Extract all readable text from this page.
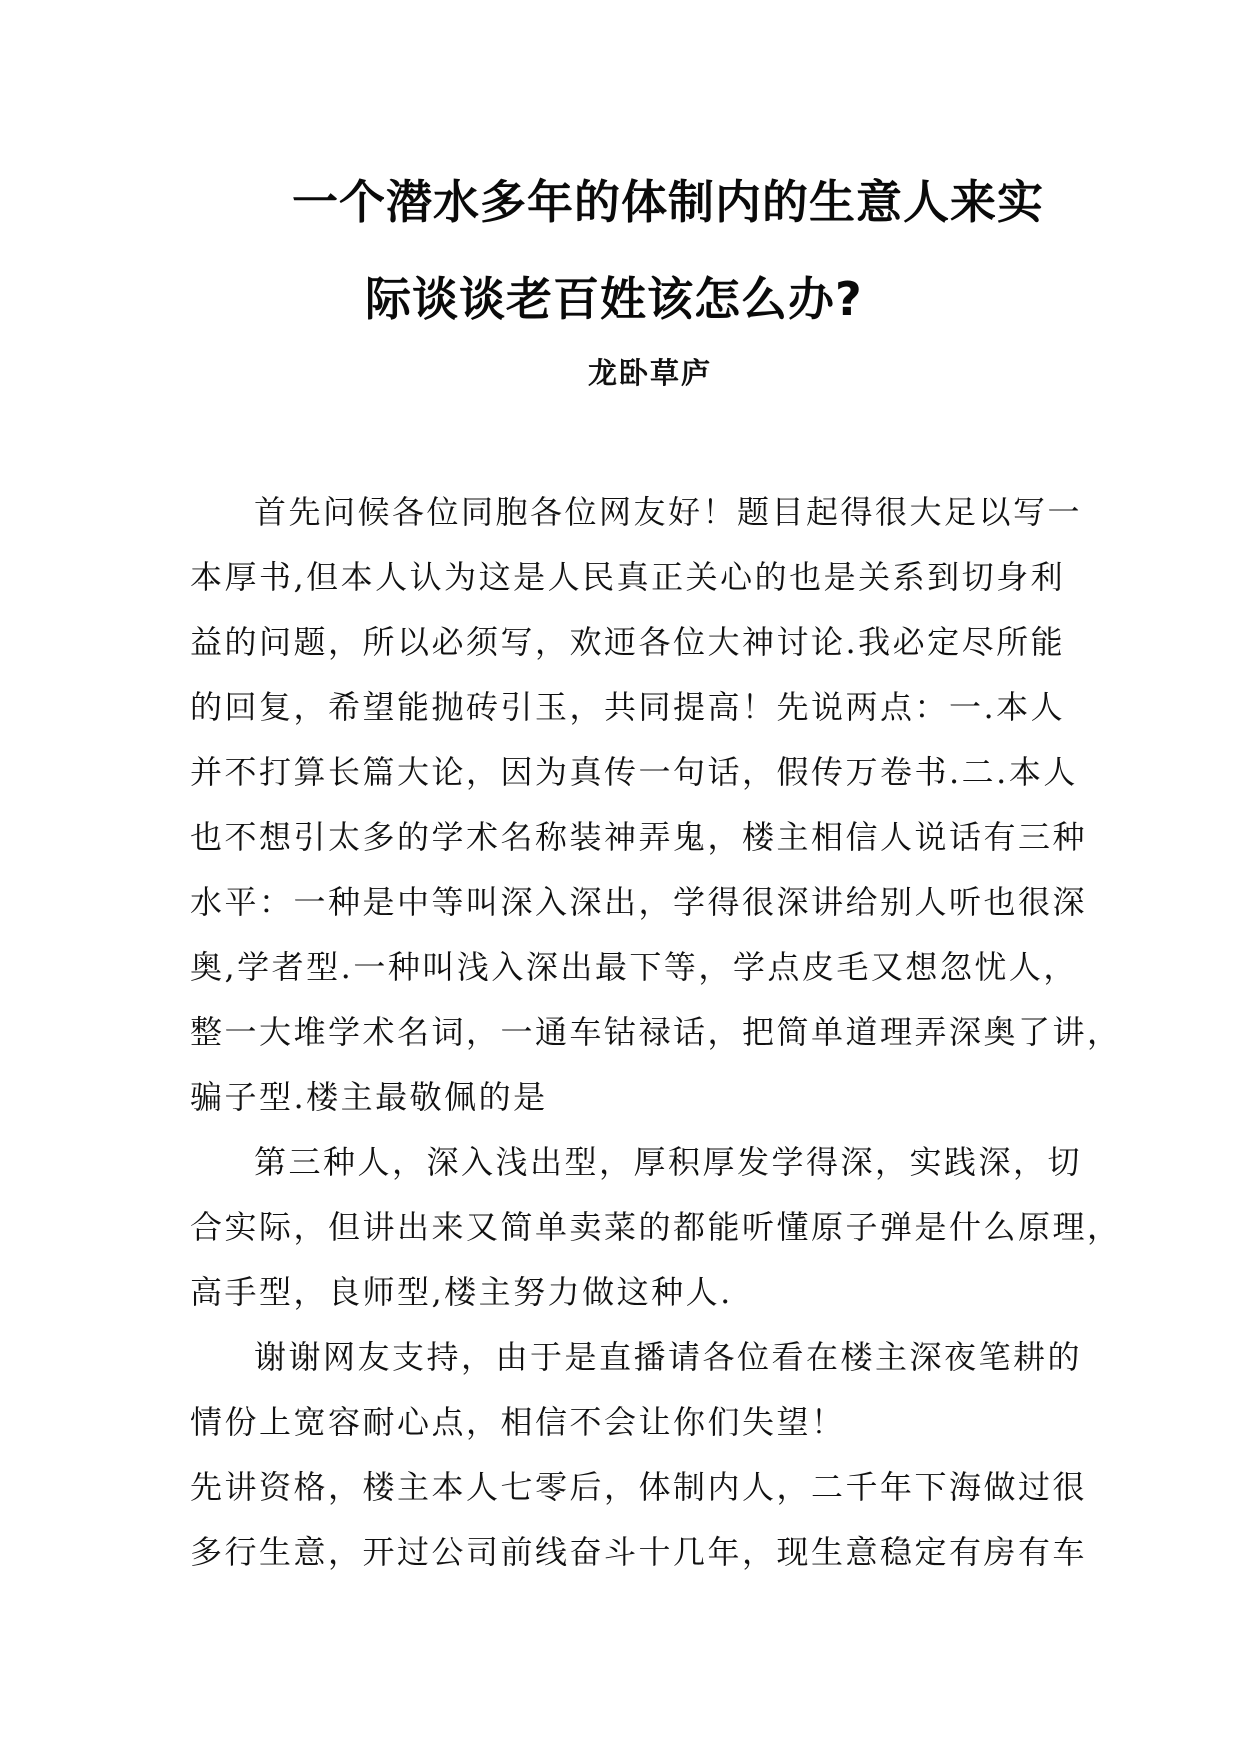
一个潜水多年的体制内的生意人来实
际谈谈老百姓该怎么办?
龙卧草庐
首先问候各位同胞各位网友好！题目起得很大足以写一
本厚书,但本人认为这是人民真正关心的也是关系到切身利
益的问题，所以必须写，欢迊各位大神讨论.我必定尽所能
的回复，希望能抛砖引玉，共同提高！先说两点：一.本人
并不打算长篇大论，因为真传一句话，假传万卷书.二.本人
也不想引太多的学术名称装神弄鬼，楼主相信人说话有三种
水平：一种是中等叫深入深出，学得很深讲给别人听也很深
奥,学者型.一种叫浅入深出最下等，学点皮毛又想忽忧人，
整一大堆学术名词，一通车钴禄话，把简单道理弄深奥了讲，
骗子型.楼主最敬佩的是
第三种人，深入浅出型，厚积厚发学得深，实践深，切
合实际，但讲出来又简单卖菜的都能听懂原子弹是什么原理，
高手型，良师型,楼主努力做这种人.
谢谢网友支持，由于是直播请各位看在楼主深夜笔耕的
情份上宽容耐心点，相信不会让你们失望！
先讲资格，楼主本人七零后，体制内人，二千年下海做过很
多行生意，开过公司前线奋斗十几年，现生意稳定有房有车
